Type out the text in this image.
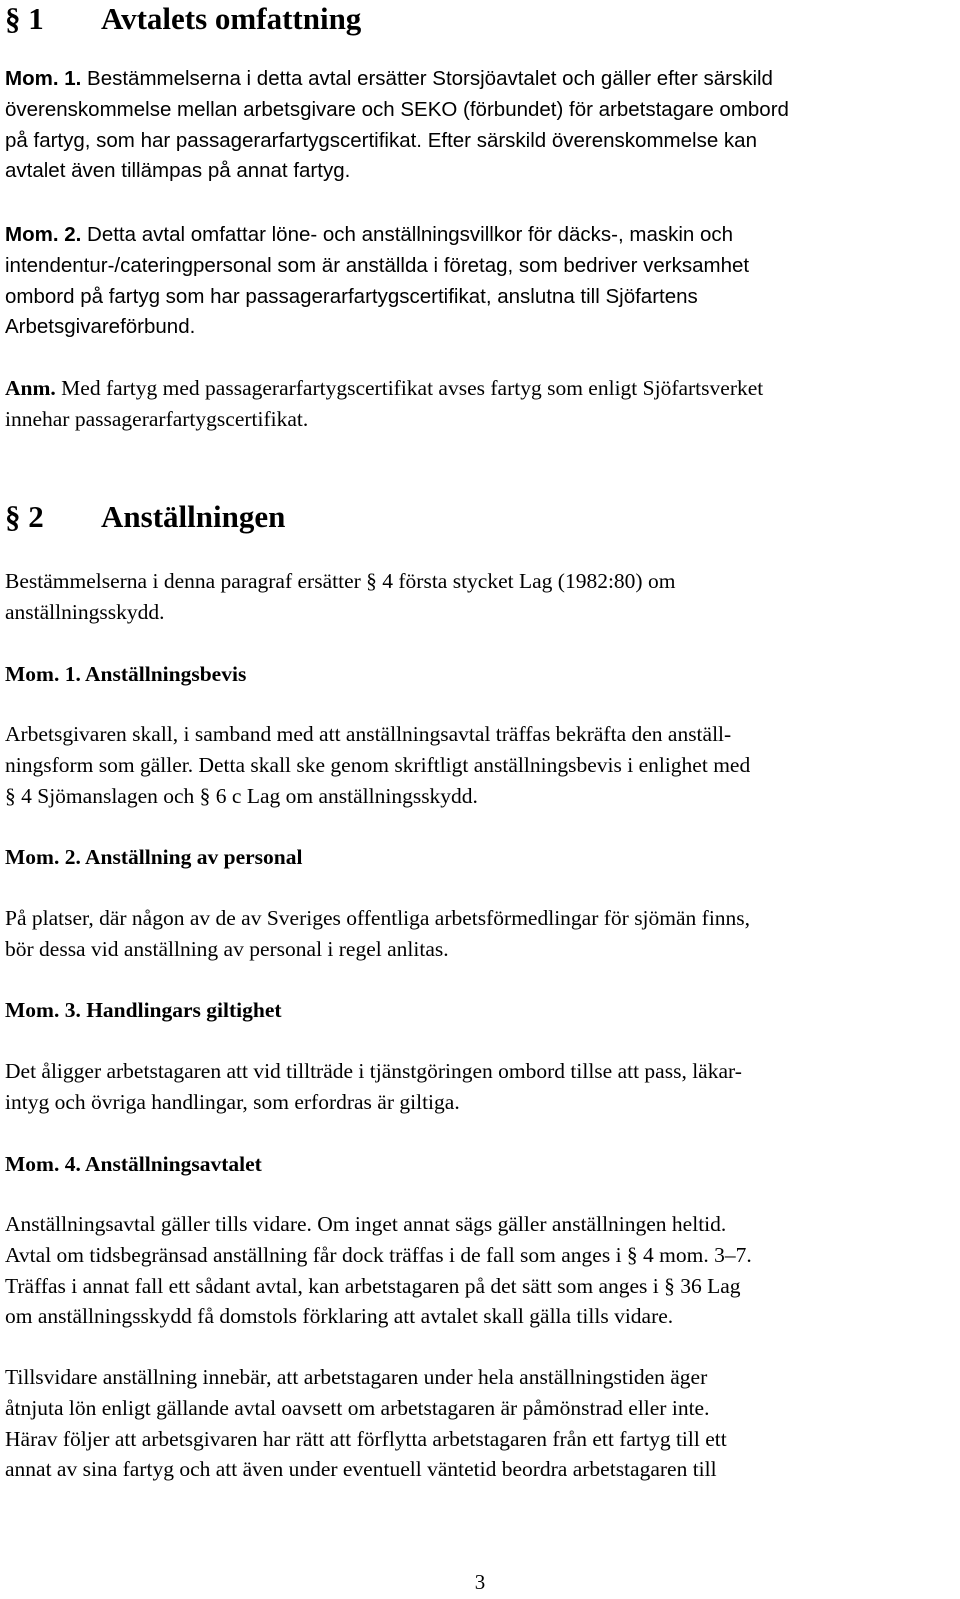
§ 1 Avtalets omfattning
Mom. 1. Bestämmelserna i detta avtal ersätter Storsjöavtalet och gäller efter särskild
överenskommelse mellan arbetsgivare och SEKO (förbundet) för arbetstagare ombord
på fartyg, som har passagerarfartygscertifikat. Efter särskild överenskommelse kan
avtalet även tillämpas på annat fartyg.
Mom. 2. Detta avtal omfattar löne- och anställningsvillkor för däcks-, maskin och
intendentur-/cateringpersonal som är anställda i företag, som bedriver verksamhet
ombord på fartyg som har passagerarfartygscertifikat, anslutna till Sjöfartens
Arbetsgivareförbund.
Anm. Med fartyg med passagerarfartygscertifikat avses fartyg som enligt Sjöfartsverket
innehar passagerarfartygscertifikat.
§ 2 Anställningen
Bestämmelserna i denna paragraf ersätter § 4 första stycket Lag (1982:80) om
anställningsskydd.
Mom. 1. Anställningsbevis
Arbetsgivaren skall, i samband med att anställningsavtal träffas bekräfta den anställ-
ningsform som gäller. Detta skall ske genom skriftligt anställningsbevis i enlighet med
§ 4 Sjömanslagen och § 6 c Lag om anställningsskydd.
Mom. 2. Anställning av personal
På platser, där någon av de av Sveriges offentliga arbetsförmedlingar för sjömän finns,
bör dessa vid anställning av personal i regel anlitas.
Mom. 3. Handlingars giltighet
Det åligger arbetstagaren att vid tillträde i tjänstgöringen ombord tillse att pass, läkar-
intyg och övriga handlingar, som erfordras är giltiga.
Mom. 4. Anställningsavtalet
Anställningsavtal gäller tills vidare. Om inget annat sägs gäller anställningen heltid.
Avtal om tidsbegränsad anställning får dock träffas i de fall som anges i § 4 mom. 3–7.
Träffas i annat fall ett sådant avtal, kan arbetstagaren på det sätt som anges i § 36 Lag
om anställningsskydd få domstols förklaring att avtalet skall gälla tills vidare.
Tillsvidare anställning innebär, att arbetstagaren under hela anställningstiden äger
åtnjuta lön enligt gällande avtal oavsett om arbetstagaren är påmönstrad eller inte.
Härav följer att arbetsgivaren har rätt att förflytta arbetstagaren från ett fartyg till ett
annat av sina fartyg och att även under eventuell väntetid beordra arbetstagaren till
3
